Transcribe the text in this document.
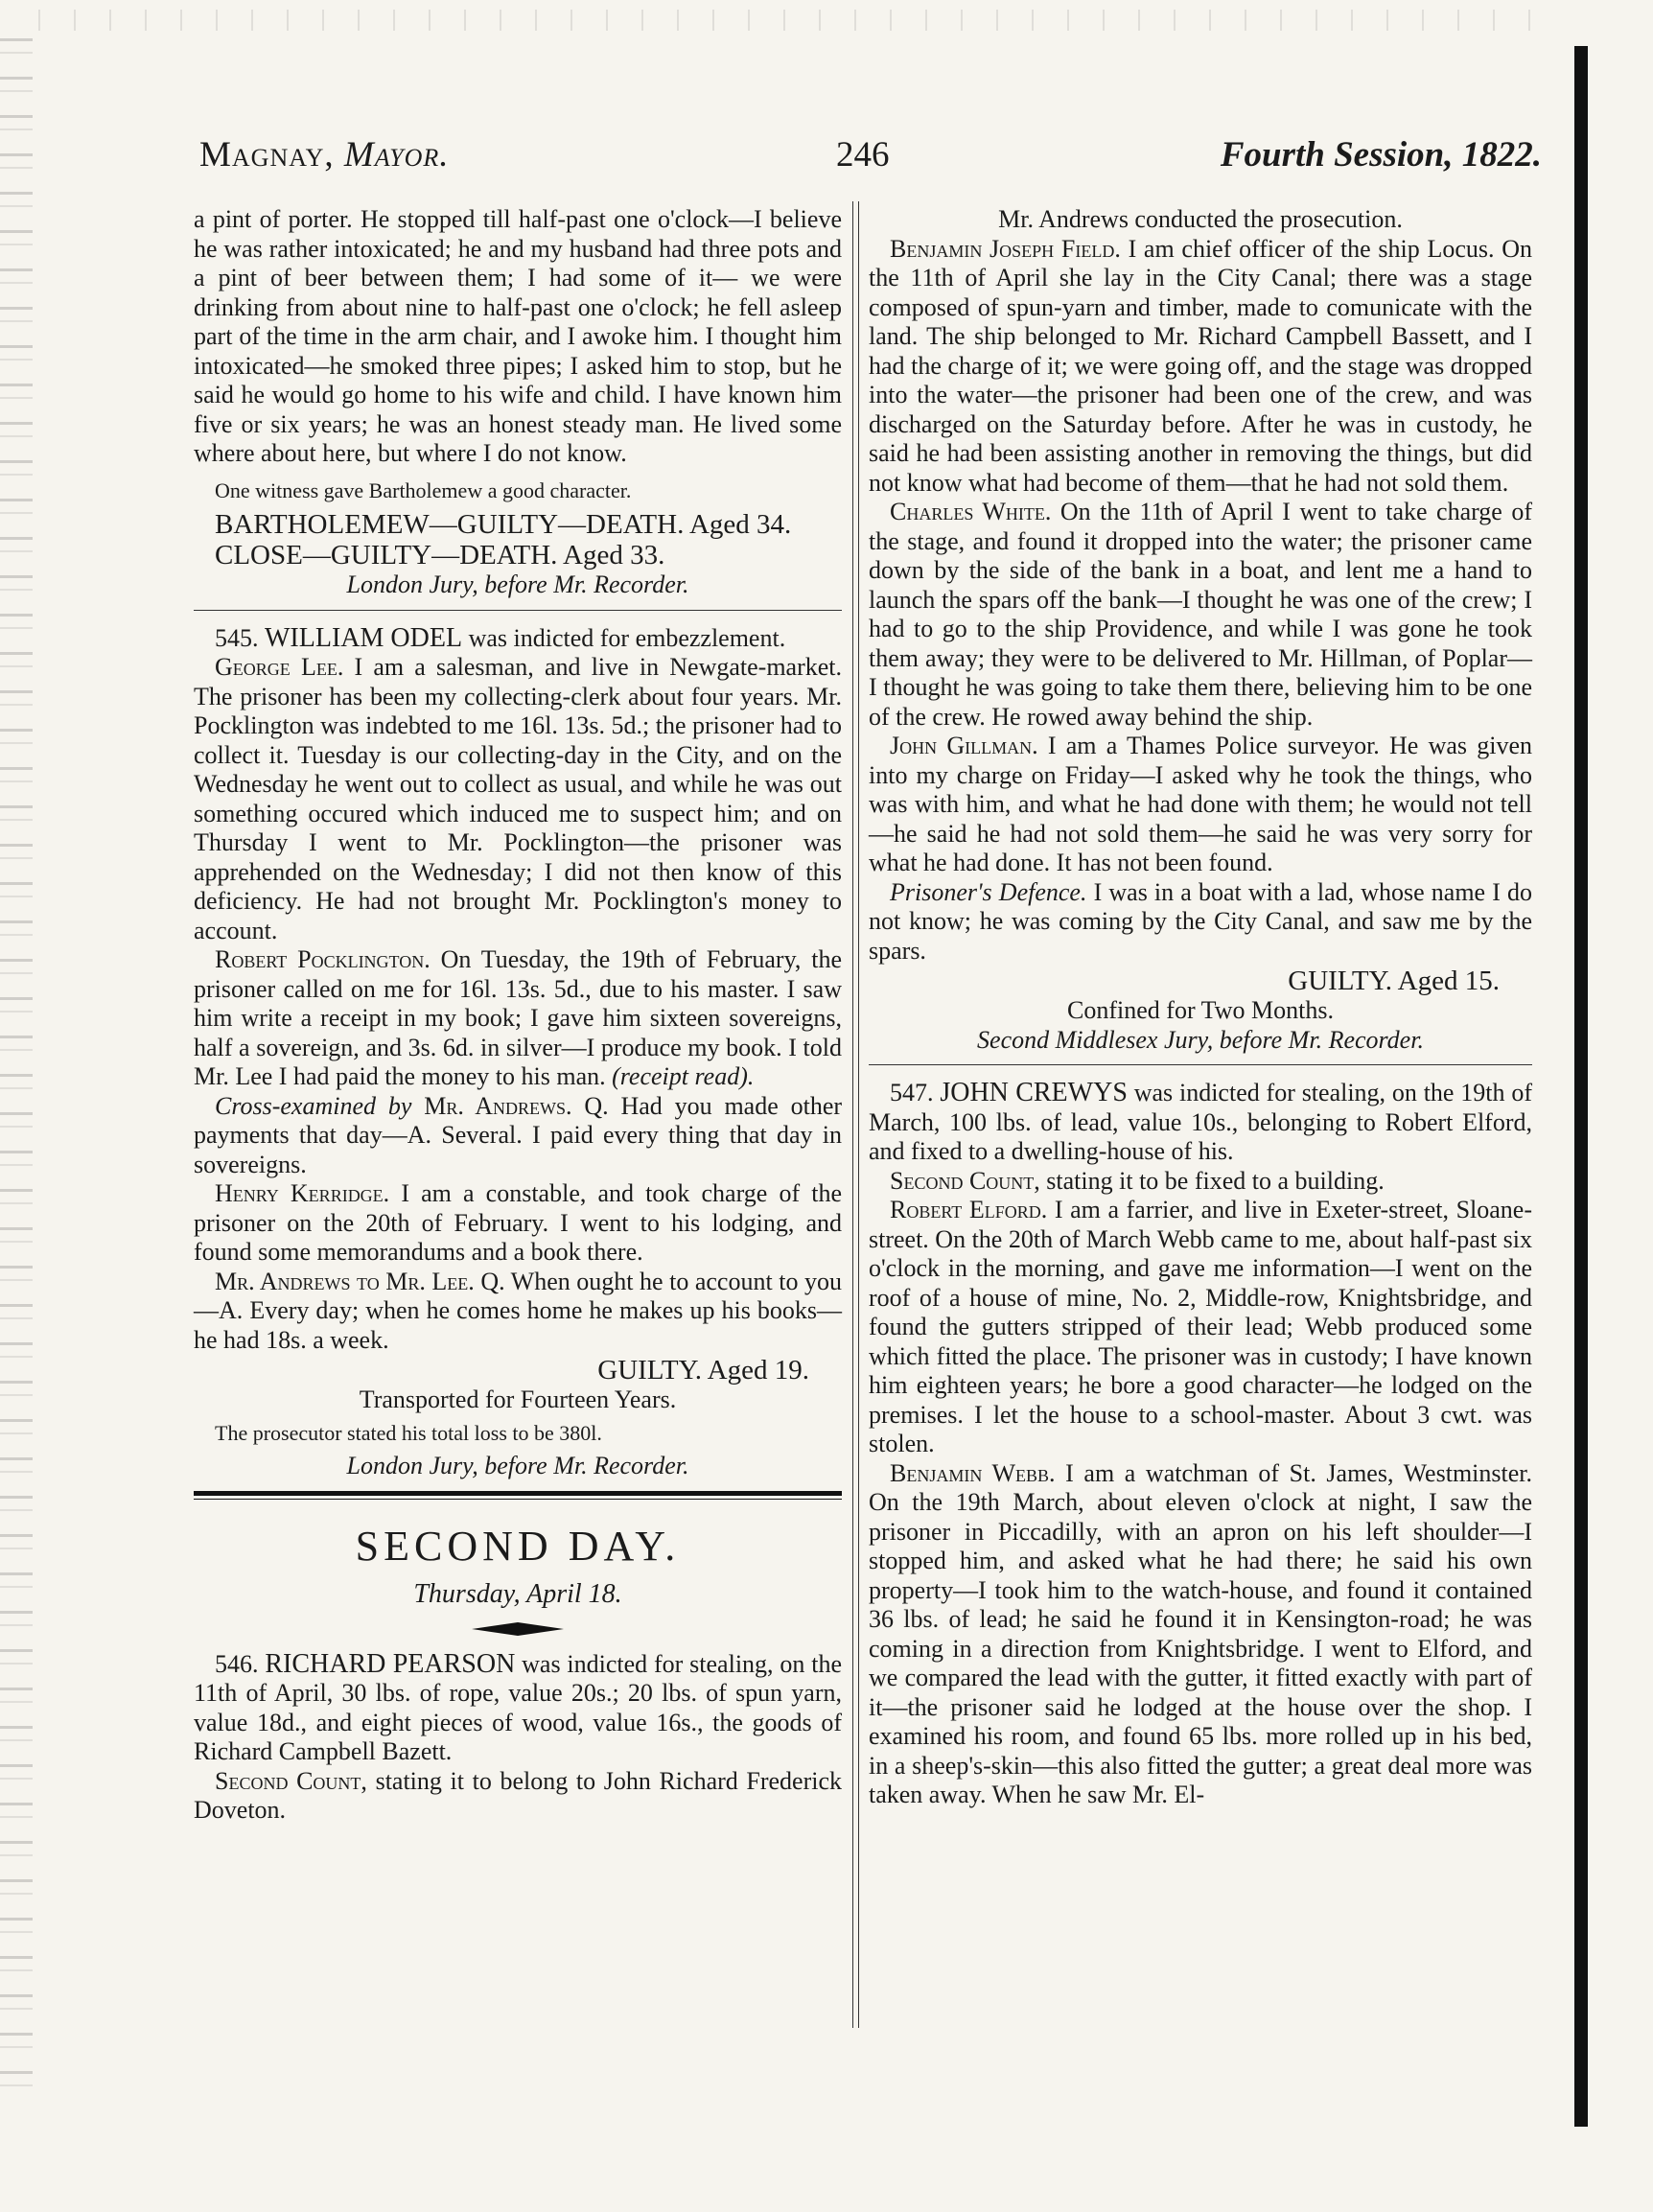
Magnay, Mayor.	246	Fourth Session, 1822.

a pint of porter. He stopped till half-past one o'clock—I believe he was rather intoxicated; he and my husband had three pots and a pint of beer between them; I had some of it— we were drinking from about nine to half-past one o'clock; he fell asleep part of the time in the arm chair, and I awoke him. I thought him intoxicated—he smoked three pipes; I asked him to stop, but he said he would go home to his wife and child. I have known him five or six years; he was an honest steady man. He lived some where about here, but where I do not know.

One witness gave Bartholemew a good character.

BARTHOLEMEW—GUILTY—DEATH. Aged 34.

CLOSE—GUILTY—DEATH. Aged 33.

London Jury, before Mr. Recorder.

545. WILLIAM ODEL was indicted for embezzlement.

George Lee. I am a salesman, and live in Newgate-market. The prisoner has been my collecting-clerk about four years. Mr. Pocklington was indebted to me 16l. 13s. 5d.; the prisoner had to collect it. Tuesday is our collecting-day in the City, and on the Wednesday he went out to collect as usual, and while he was out something occured which induced me to suspect him; and on Thursday I went to Mr. Pocklington—the prisoner was apprehended on the Wednesday; I did not then know of this deficiency. He had not brought Mr. Pocklington's money to account.

Robert Pocklington. On Tuesday, the 19th of February, the prisoner called on me for 16l. 13s. 5d., due to his master. I saw him write a receipt in my book; I gave him sixteen sovereigns, half a sovereign, and 3s. 6d. in silver—I produce my book. I told Mr. Lee I had paid the money to his man. (receipt read).

Cross-examined by Mr. Andrews. Q. Had you made other payments that day—A. Several. I paid every thing that day in sovereigns.

Henry Kerridge. I am a constable, and took charge of the prisoner on the 20th of February. I went to his lodging, and found some memorandums and a book there.

Mr. Andrews to Mr. Lee. Q. When ought he to account to you—A. Every day; when he comes home he makes up his books—he had 18s. a week.

GUILTY. Aged 19.

Transported for Fourteen Years.

The prosecutor stated his total loss to be 380l.

London Jury, before Mr. Recorder.

SECOND DAY.

Thursday, April 18.

546. RICHARD PEARSON was indicted for stealing, on the 11th of April, 30 lbs. of rope, value 20s.; 20 lbs. of spun yarn, value 18d., and eight pieces of wood, value 16s., the goods of Richard Campbell Bazett.

Second Count, stating it to belong to John Richard Frederick Doveton.

Mr. Andrews conducted the prosecution.

Benjamin Joseph Field. I am chief officer of the ship Locus. On the 11th of April she lay in the City Canal; there was a stage composed of spun-yarn and timber, made to comunicate with the land. The ship belonged to Mr. Richard Campbell Bassett, and I had the charge of it; we were going off, and the stage was dropped into the water—the prisoner had been one of the crew, and was discharged on the Saturday before. After he was in custody, he said he had been assisting another in removing the things, but did not know what had become of them—that he had not sold them.

Charles White. On the 11th of April I went to take charge of the stage, and found it dropped into the water; the prisoner came down by the side of the bank in a boat, and lent me a hand to launch the spars off the bank—I thought he was one of the crew; I had to go to the ship Providence, and while I was gone he took them away; they were to be delivered to Mr. Hillman, of Poplar—I thought he was going to take them there, believing him to be one of the crew. He rowed away behind the ship.

John Gillman. I am a Thames Police surveyor. He was given into my charge on Friday—I asked why he took the things, who was with him, and what he had done with them; he would not tell—he said he had not sold them—he said he was very sorry for what he had done. It has not been found.

Prisoner's Defence. I was in a boat with a lad, whose name I do not know; he was coming by the City Canal, and saw me by the spars.

GUILTY. Aged 15.

Confined for Two Months.

Second Middlesex Jury, before Mr. Recorder.

547. JOHN CREWYS was indicted for stealing, on the 19th of March, 100 lbs. of lead, value 10s., belonging to Robert Elford, and fixed to a dwelling-house of his.

Second Count, stating it to be fixed to a building.

Robert Elford. I am a farrier, and live in Exeter-street, Sloane-street. On the 20th of March Webb came to me, about half-past six o'clock in the morning, and gave me information—I went on the roof of a house of mine, No. 2, Middle-row, Knightsbridge, and found the gutters stripped of their lead; Webb produced some which fitted the place. The prisoner was in custody; I have known him eighteen years; he bore a good character—he lodged on the premises. I let the house to a school-master. About 3 cwt. was stolen.

Benjamin Webb. I am a watchman of St. James, Westminster. On the 19th March, about eleven o'clock at night, I saw the prisoner in Piccadilly, with an apron on his left shoulder—I stopped him, and asked what he had there; he said his own property—I took him to the watch-house, and found it contained 36 lbs. of lead; he said he found it in Kensington-road; he was coming in a direction from Knightsbridge. I went to Elford, and we compared the lead with the gutter, it fitted exactly with part of it—the prisoner said he lodged at the house over the shop. I examined his room, and found 65 lbs. more rolled up in his bed, in a sheep's-skin—this also fitted the gutter; a great deal more was taken away. When he saw Mr. El-
